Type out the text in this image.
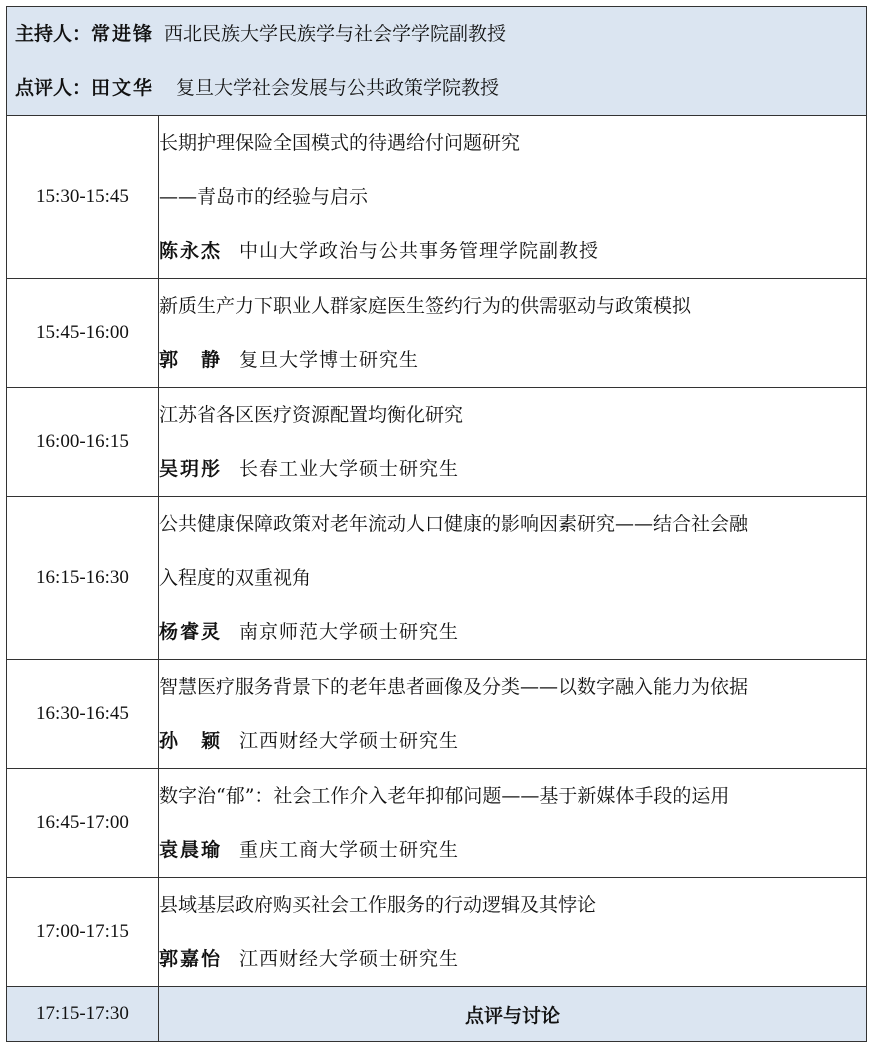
主持人：常进锋 西北民族大学民族学与社会学学院副教授
点评人：田文华 复旦大学社会发展与公共政策学院教授	

15:30-15:45	长期护理保险全国模式的待遇给付问题研究
——青岛市的经验与启示
陈永杰 中山大学政治与公共事务管理学院副教授

15:45-16:00	新质生产力下职业人群家庭医生签约行为的供需驱动与政策模拟
郭　静 复旦大学博士研究生

16:00-16:15	江苏省各区医疗资源配置均衡化研究
吴玥彤 长春工业大学硕士研究生

16:15-16:30	公共健康保障政策对老年流动人口健康的影响因素研究——结合社会融
入程度的双重视角
杨睿灵 南京师范大学硕士研究生

16:30-16:45	智慧医疗服务背景下的老年患者画像及分类——以数字融入能力为依据
孙　颖 江西财经大学硕士研究生

16:45-17:00	数字治“郁”：社会工作介入老年抑郁问题——基于新媒体手段的运用
袁晨瑜 重庆工商大学硕士研究生

17:00-17:15	县域基层政府购买社会工作服务的行动逻辑及其悖论
郭嘉怡 江西财经大学硕士研究生

17:15-17:30	点评与讨论
